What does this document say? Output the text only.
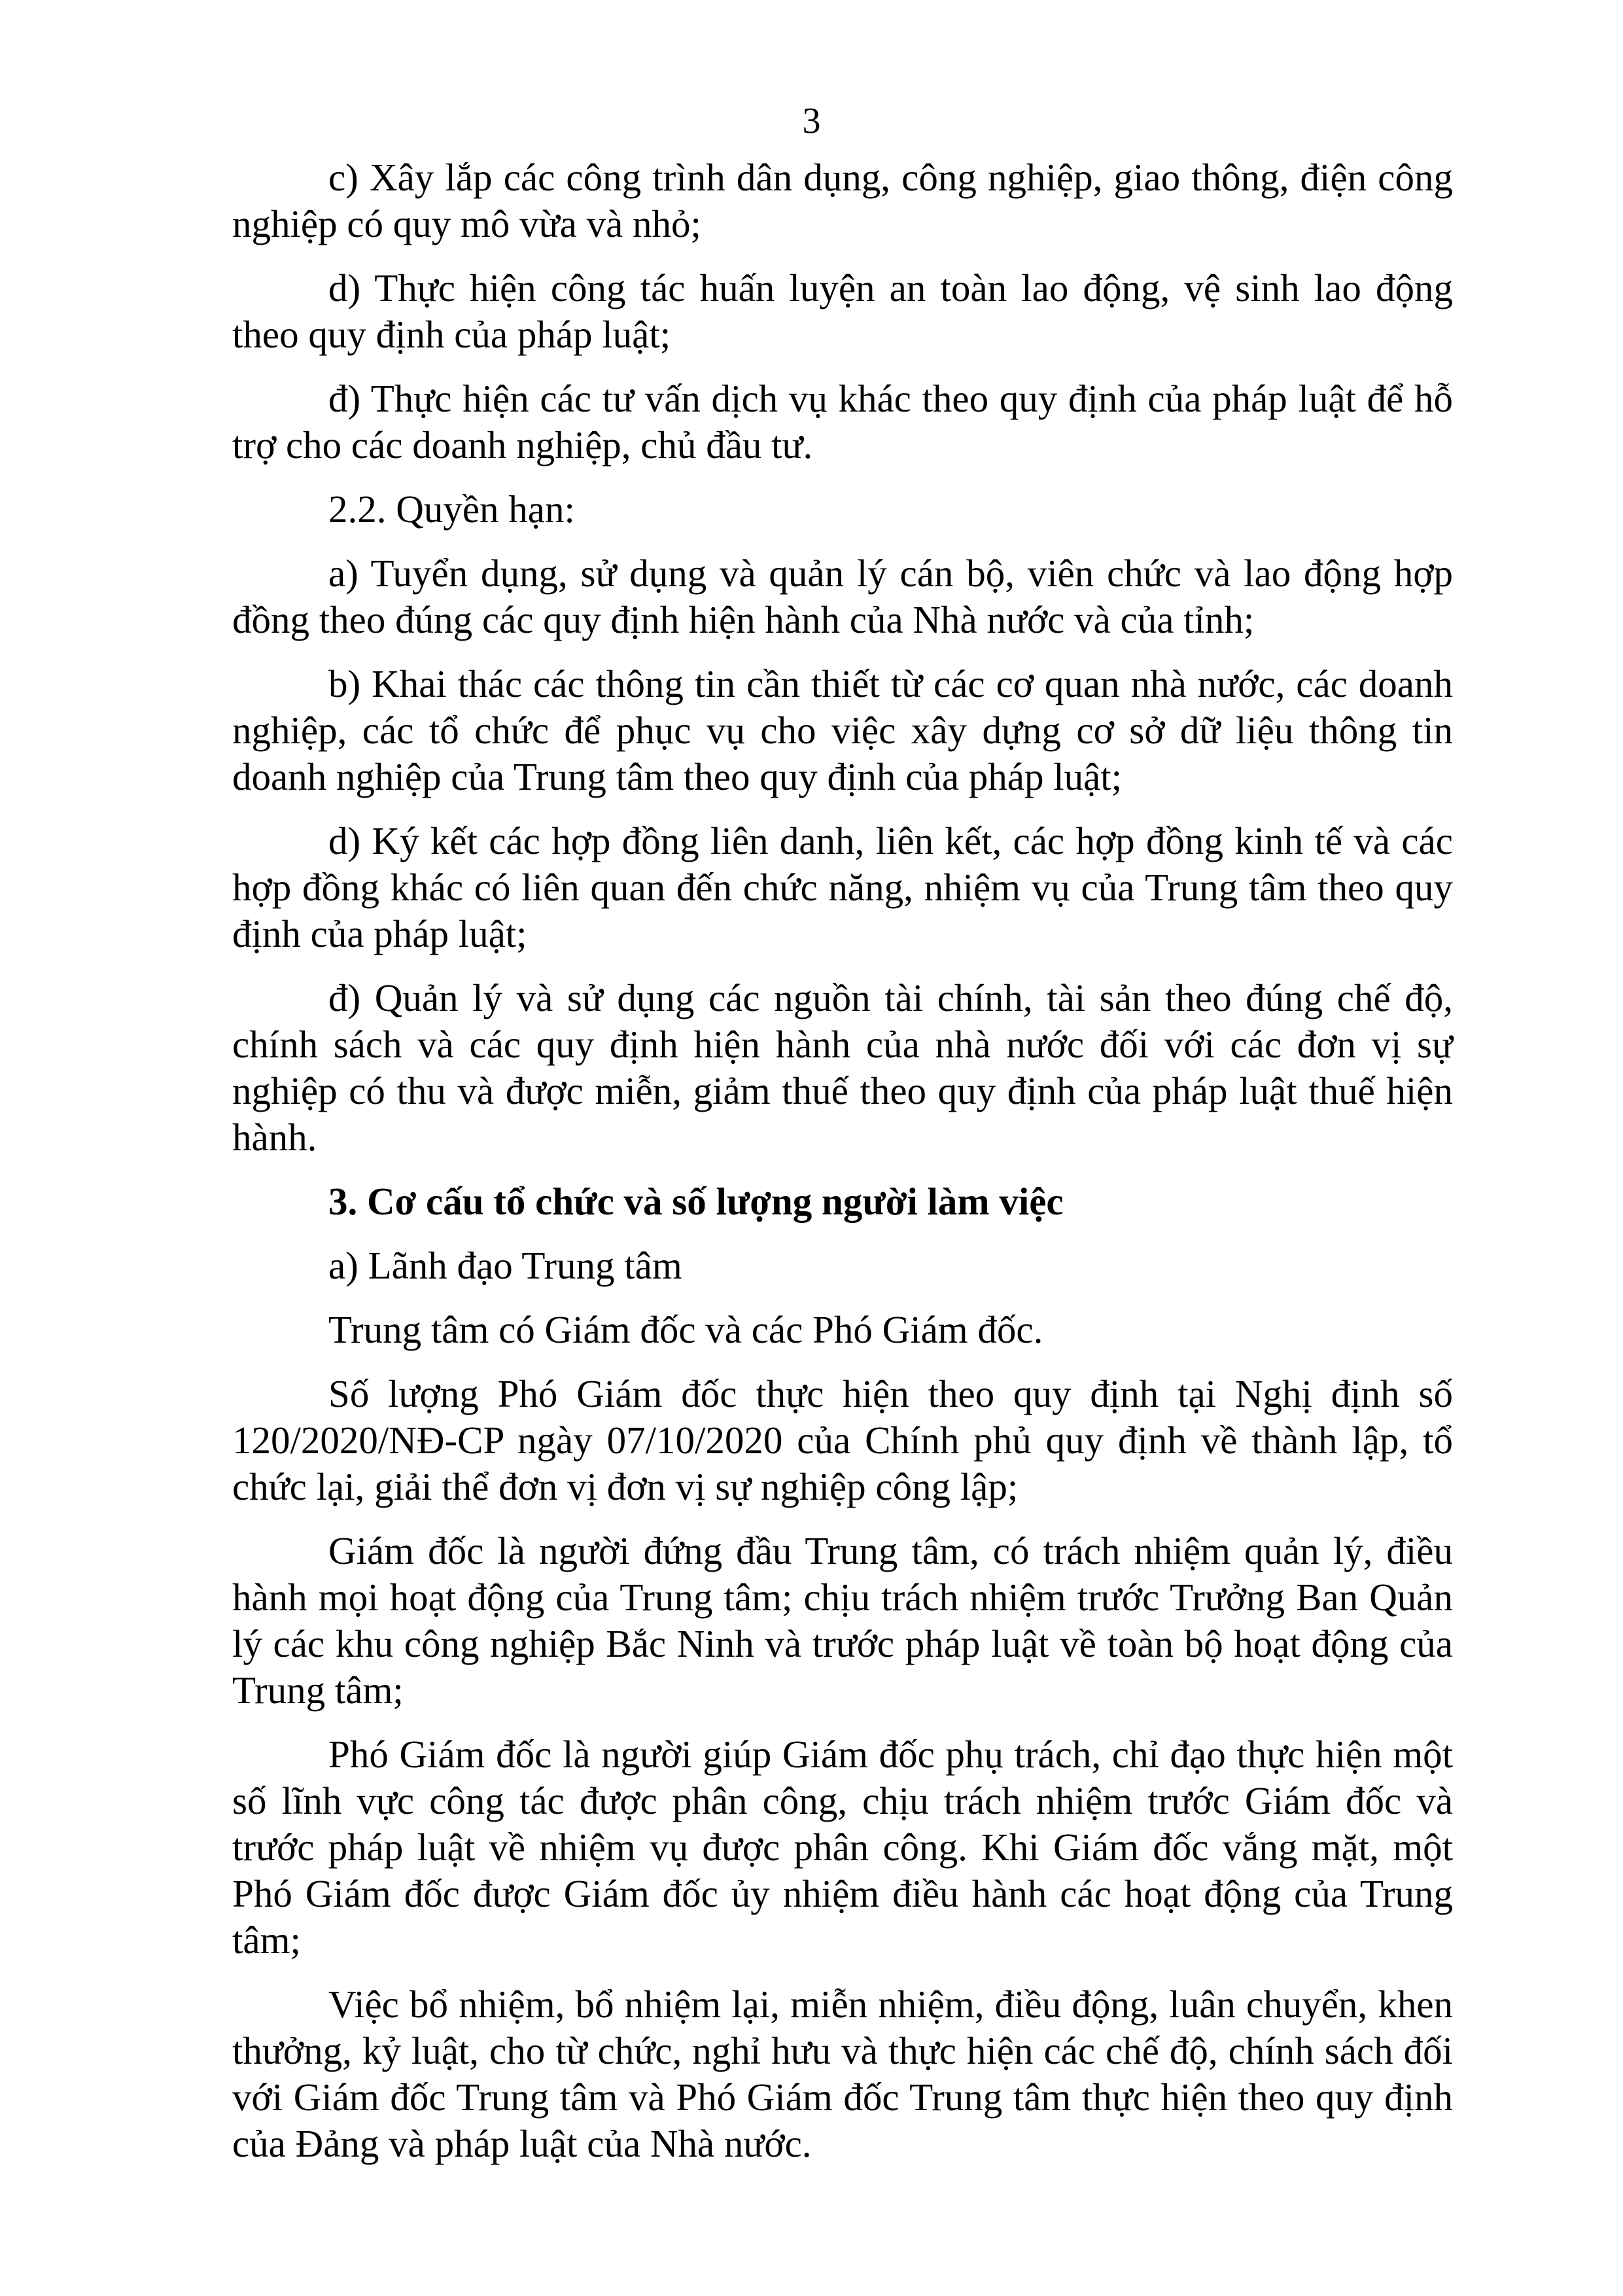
3

c) Xây lắp các công trình dân dụng, công nghiệp, giao thông, điện công nghiệp có quy mô vừa và nhỏ;

d) Thực hiện công tác huấn luyện an toàn lao động, vệ sinh lao động theo quy định của pháp luật;

đ) Thực hiện các tư vấn dịch vụ khác theo quy định của pháp luật để hỗ trợ cho các doanh nghiệp, chủ đầu tư.

2.2. Quyền hạn:

a) Tuyển dụng, sử dụng và quản lý cán bộ, viên chức và lao động hợp đồng theo đúng các quy định hiện hành của Nhà nước và của tỉnh;

b) Khai thác các thông tin cần thiết từ các cơ quan nhà nước, các doanh nghiệp, các tổ chức để phục vụ cho việc xây dựng cơ sở dữ liệu thông tin doanh nghiệp của Trung tâm theo quy định của pháp luật;

d) Ký kết các hợp đồng liên danh, liên kết, các hợp đồng kinh tế và các hợp đồng khác có liên quan đến chức năng, nhiệm vụ của Trung tâm theo quy định của pháp luật;

đ) Quản lý và sử dụng các nguồn tài chính, tài sản theo đúng chế độ, chính sách và các quy định hiện hành của nhà nước đối với các đơn vị sự nghiệp có thu và được miễn, giảm thuế theo quy định của pháp luật thuế hiện hành.

3. Cơ cấu tổ chức và số lượng người làm việc

a) Lãnh đạo Trung tâm

Trung tâm có Giám đốc và các Phó Giám đốc.

Số lượng Phó Giám đốc thực hiện theo quy định tại Nghị định số 120/2020/NĐ-CP ngày 07/10/2020 của Chính phủ quy định về thành lập, tổ chức lại, giải thể đơn vị đơn vị sự nghiệp công lập;

Giám đốc là người đứng đầu Trung tâm, có trách nhiệm quản lý, điều hành mọi hoạt động của Trung tâm; chịu trách nhiệm trước Trưởng Ban Quản lý các khu công nghiệp Bắc Ninh và trước pháp luật về toàn bộ hoạt động của Trung tâm;

Phó Giám đốc là người giúp Giám đốc phụ trách, chỉ đạo thực hiện một số lĩnh vực công tác được phân công, chịu trách nhiệm trước Giám đốc và trước pháp luật về nhiệm vụ được phân công. Khi Giám đốc vắng mặt, một Phó Giám đốc được Giám đốc ủy nhiệm điều hành các hoạt động của Trung tâm;

Việc bổ nhiệm, bổ nhiệm lại, miễn nhiệm, điều động, luân chuyển, khen thưởng, kỷ luật, cho từ chức, nghỉ hưu và thực hiện các chế độ, chính sách đối với Giám đốc Trung tâm và Phó Giám đốc Trung tâm thực hiện theo quy định của Đảng và pháp luật của Nhà nước.
